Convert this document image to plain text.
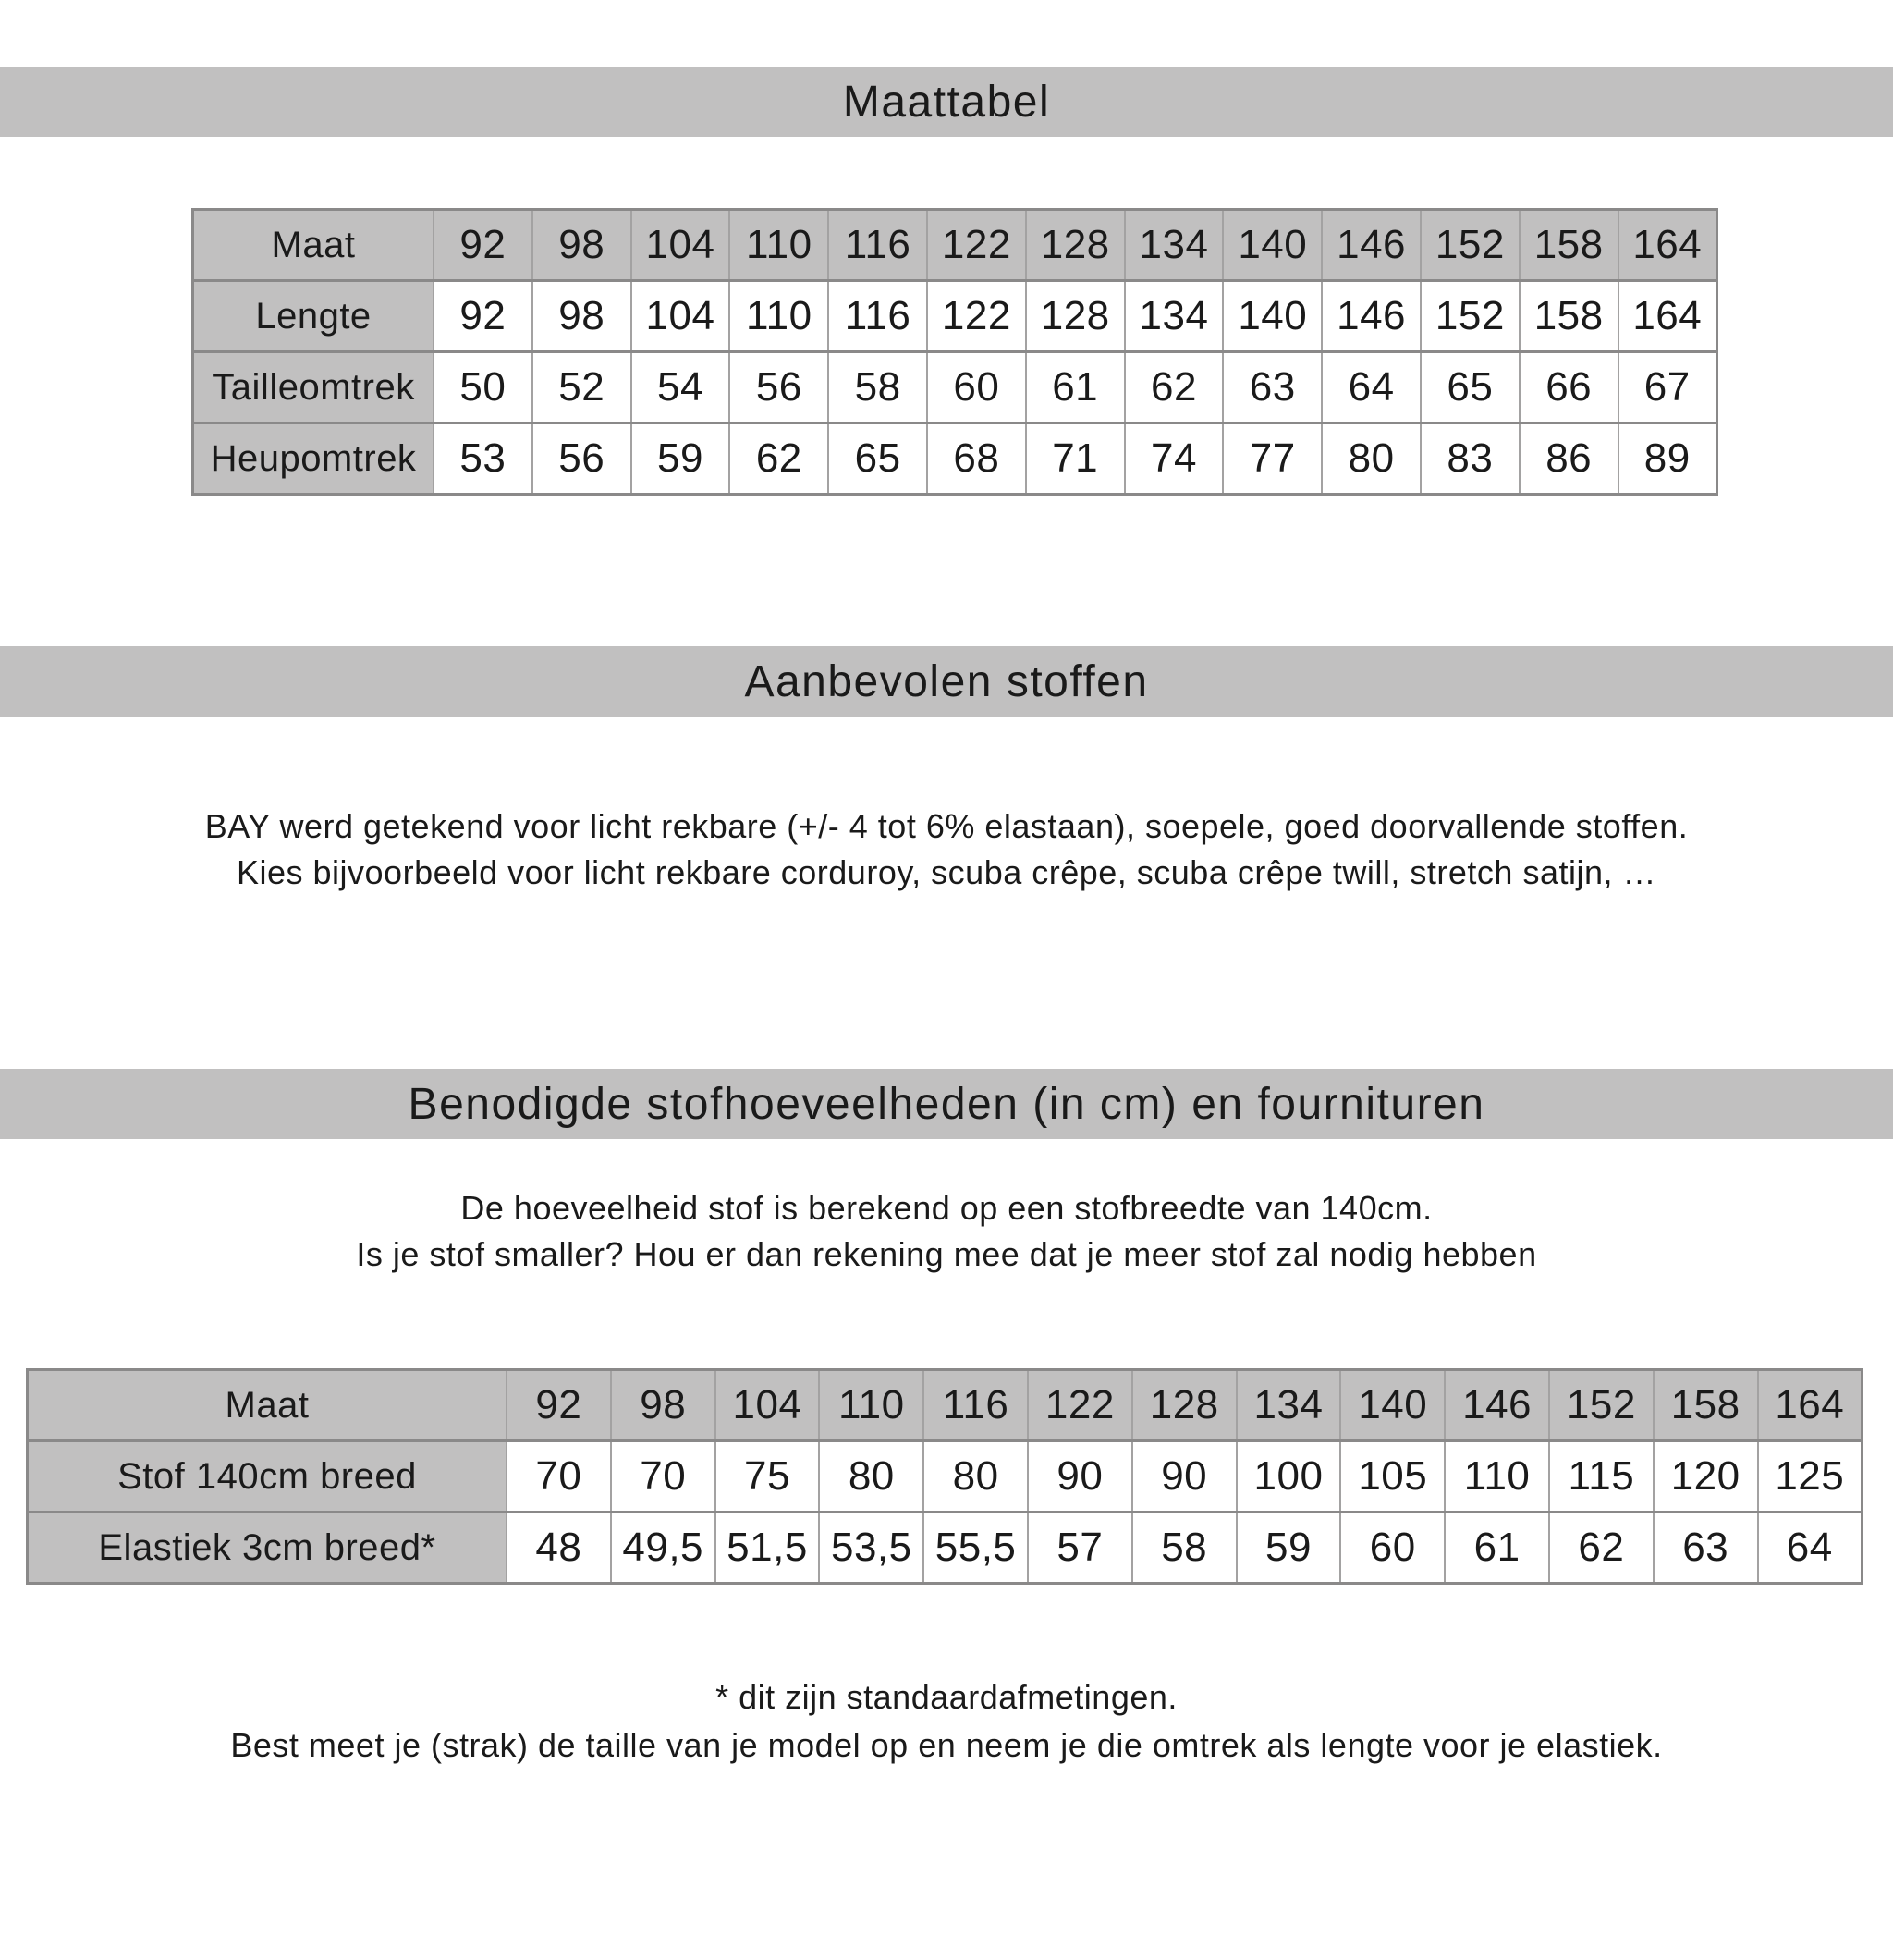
Maattabel
Maat	92	98	104	110	116	122	128	134	140	146	152	158	164
Lengte	92	98	104	110	116	122	128	134	140	146	152	158	164
Tailleomtrek	50	52	54	56	58	60	61	62	63	64	65	66	67
Heupomtrek	53	56	59	62	65	68	71	74	77	80	83	86	89
Aanbevolen stoffen
BAY werd getekend voor licht rekbare (+/- 4 tot 6% elastaan), soepele, goed doorvallende stoffen.
Kies bijvoorbeeld voor licht rekbare corduroy, scuba crêpe, scuba crêpe twill, stretch satijn, …
Benodigde stofhoeveelheden (in cm) en fournituren
De hoeveelheid stof is berekend op een stofbreedte van 140cm.
Is je stof smaller? Hou er dan rekening mee dat je meer stof zal nodig hebben
Maat	92	98	104	110	116	122	128	134	140	146	152	158	164
Stof 140cm breed	70	70	75	80	80	90	90	100	105	110	115	120	125
Elastiek 3cm breed*	48	49,5	51,5	53,5	55,5	57	58	59	60	61	62	63	64
* dit zijn standaardafmetingen.
Best meet je (strak) de taille van je model op en neem je die omtrek als lengte voor je elastiek.
